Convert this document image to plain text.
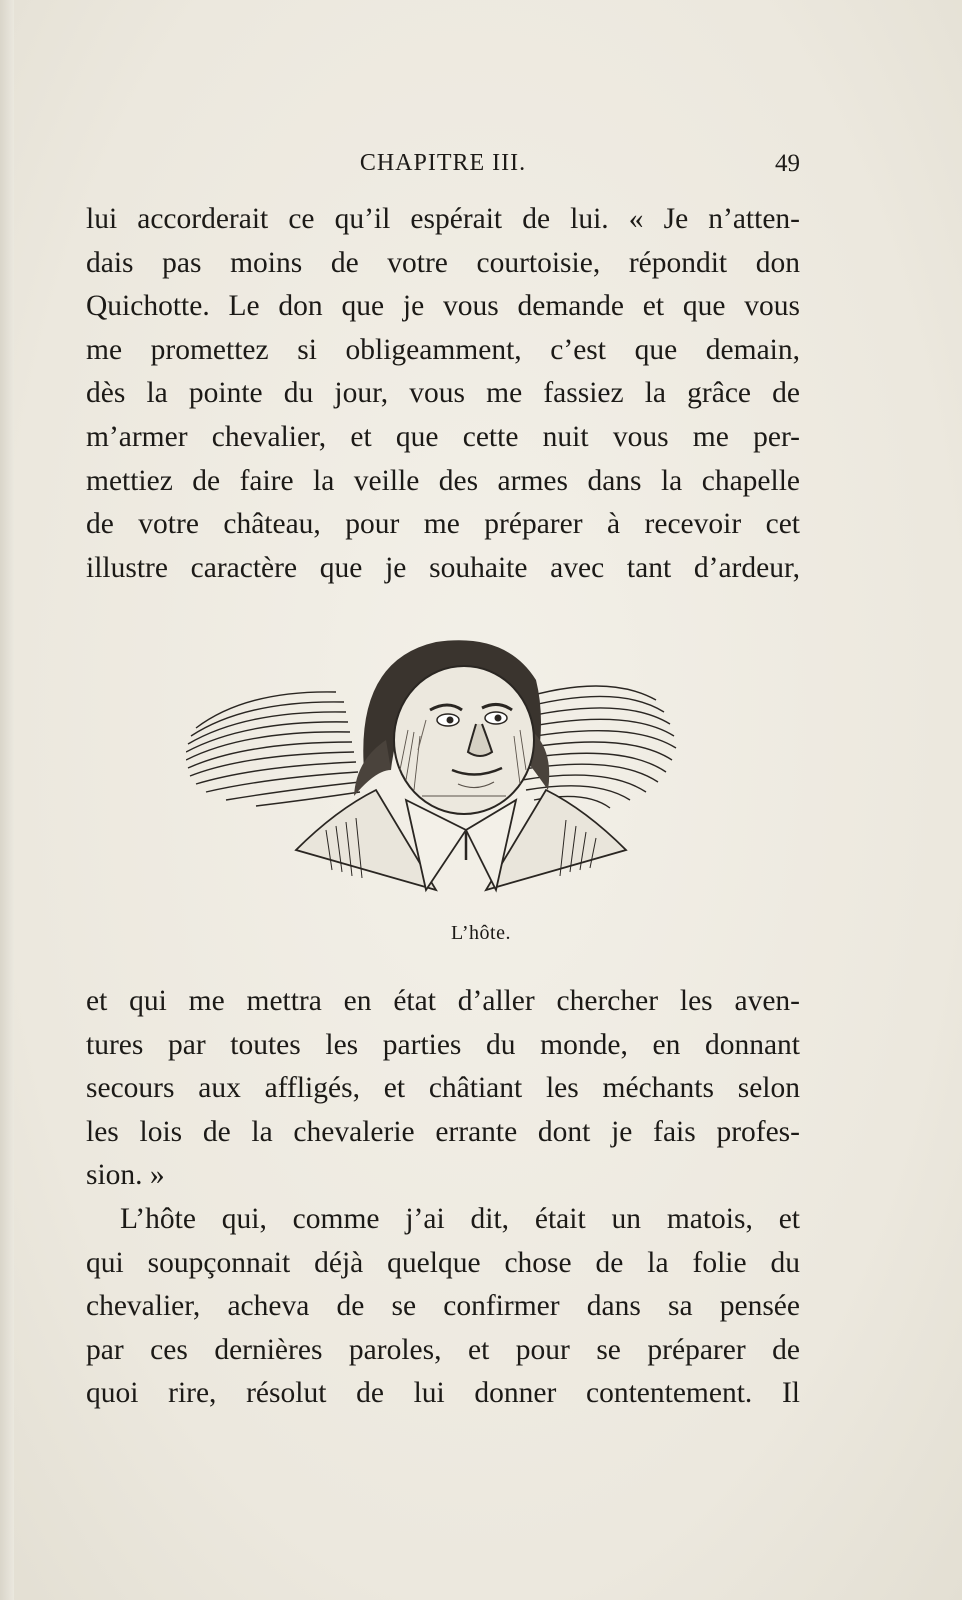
CHAPITRE III.	49
lui accorderait ce qu’il espérait de lui. « Je n’atten-
dais pas moins de votre courtoisie, répondit don
Quichotte. Le don que je vous demande et que vous
me promettez si obligeamment, c’est que demain,
dès la pointe du jour, vous me fassiez la grâce de
m’armer chevalier, et que cette nuit vous me per-
mettiez de faire la veille des armes dans la chapelle
de votre château, pour me préparer à recevoir cet
illustre caractère que je souhaite avec tant d’ardeur,
L’hôte.
et qui me mettra en état d’aller chercher les aven-
tures par toutes les parties du monde, en donnant
secours aux affligés, et châtiant les méchants selon
les lois de la chevalerie errante dont je fais profes-
sion. »
L’hôte qui, comme j’ai dit, était un matois, et
qui soupçonnait déjà quelque chose de la folie du
chevalier, acheva de se confirmer dans sa pensée
par ces dernières paroles, et pour se préparer de
quoi rire, résolut de lui donner contentement. Il
